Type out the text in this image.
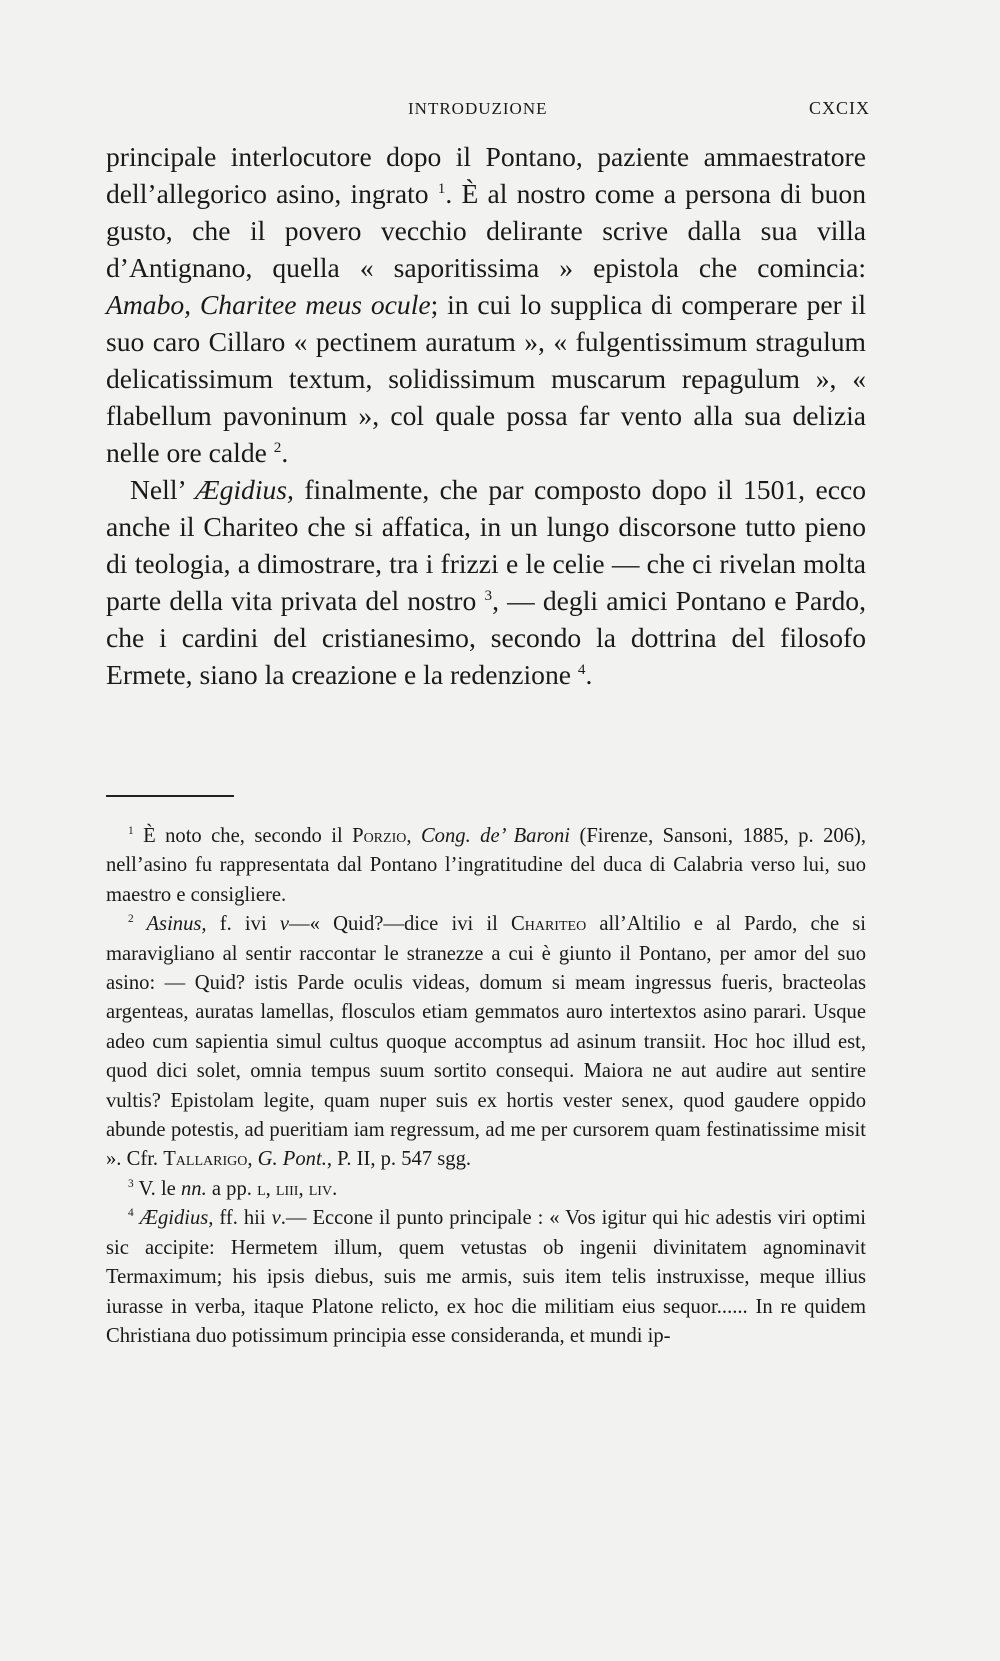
INTRODUZIONE	CXCIX

principale interlocutore dopo il Pontano, paziente ammaestratore dell’allegorico asino, ingrato $^1$. È al nostro come a persona di buon gusto, che il povero vecchio delirante scrive dalla sua villa d’Antignano, quella « saporitissima » epistola che comincia: Amabo, Chariteе meus oculе; in cui lo supplica di comperare per il suo caro Cillaro « pectinem auratum », « fulgentissimum stragulum delicatissimum textum, solidissimum muscarum repagulum », « flabellum pavoninum », col quale possa far vento alla sua delizia nelle ore calde $^2$.

Nell’ Ægidius, finalmente, che par composto dopo il 1501, ecco anche il Chariteo che si affatica, in un lungo discorsone tutto pieno di teologia, a dimostrare, tra i frizzi e le celie — che ci rivelan molta parte della vita privata del nostro $^3$, — degli amici Pontano e Pardo, che i cardini del cristianesimo, secondo la dottrina del filosofo Ermete, siano la creazione e la redenzione $^4$.

$^1$ È noto che, secondo il Porzio, Cong. de’ Baroni (Firenze, Sansoni, 1885, p. 206), nell’asino fu rappresentata dal Pontano l’ingratitudine del duca di Calabria verso lui, suo maestro e consigliere.

$^2$ Asinus, f. ivi v—« Quid?—dice ivi il Chariteo all’Altilio e al Pardo, che si maravigliano al sentir raccontar le stranezze a cui è giunto il Pontano, per amor del suo asino: — Quid? istis Parde oculis videas, domum si meam ingressus fueris, bracteolas argenteas, auratas lamellas, flosculos etiam gemmatos auro intertextos asino parari. Usque adeo cum sapientia simul cultus quoque accomptus ad asinum transiit. Hoc hoc illud est, quod dici solet, omnia tempus suum sortito consequi. Maiora ne aut audire aut sentire vultis? Epistolam legite, quam nuper suis ex hortis vester senex, quod gaudere oppido abunde potestis, ad pueritiam iam regressum, ad me per cursorem quam festinatissime misit ». Cfr. Tallarigo, G. Pont., P. II, p. 547 sgg.

$^3$ V. le nn. a pp. l, liii, liv.

$^4$ Ægidius, ff. hii v.— Eccone il punto principale : « Vos igitur qui hic adestis viri optimi sic accipite: Hermetem illum, quem vetustas ob ingenii divinitatem agnominavit Termaximum; his ipsis diebus, suis me armis, suis item telis instruxisse, meque illius iurasse in verba, itaque Platone relicto, ex hoc die militiam eius sequor...... In re quidem Christiana duo potissimum principia esse consideranda, et mundi ip-
